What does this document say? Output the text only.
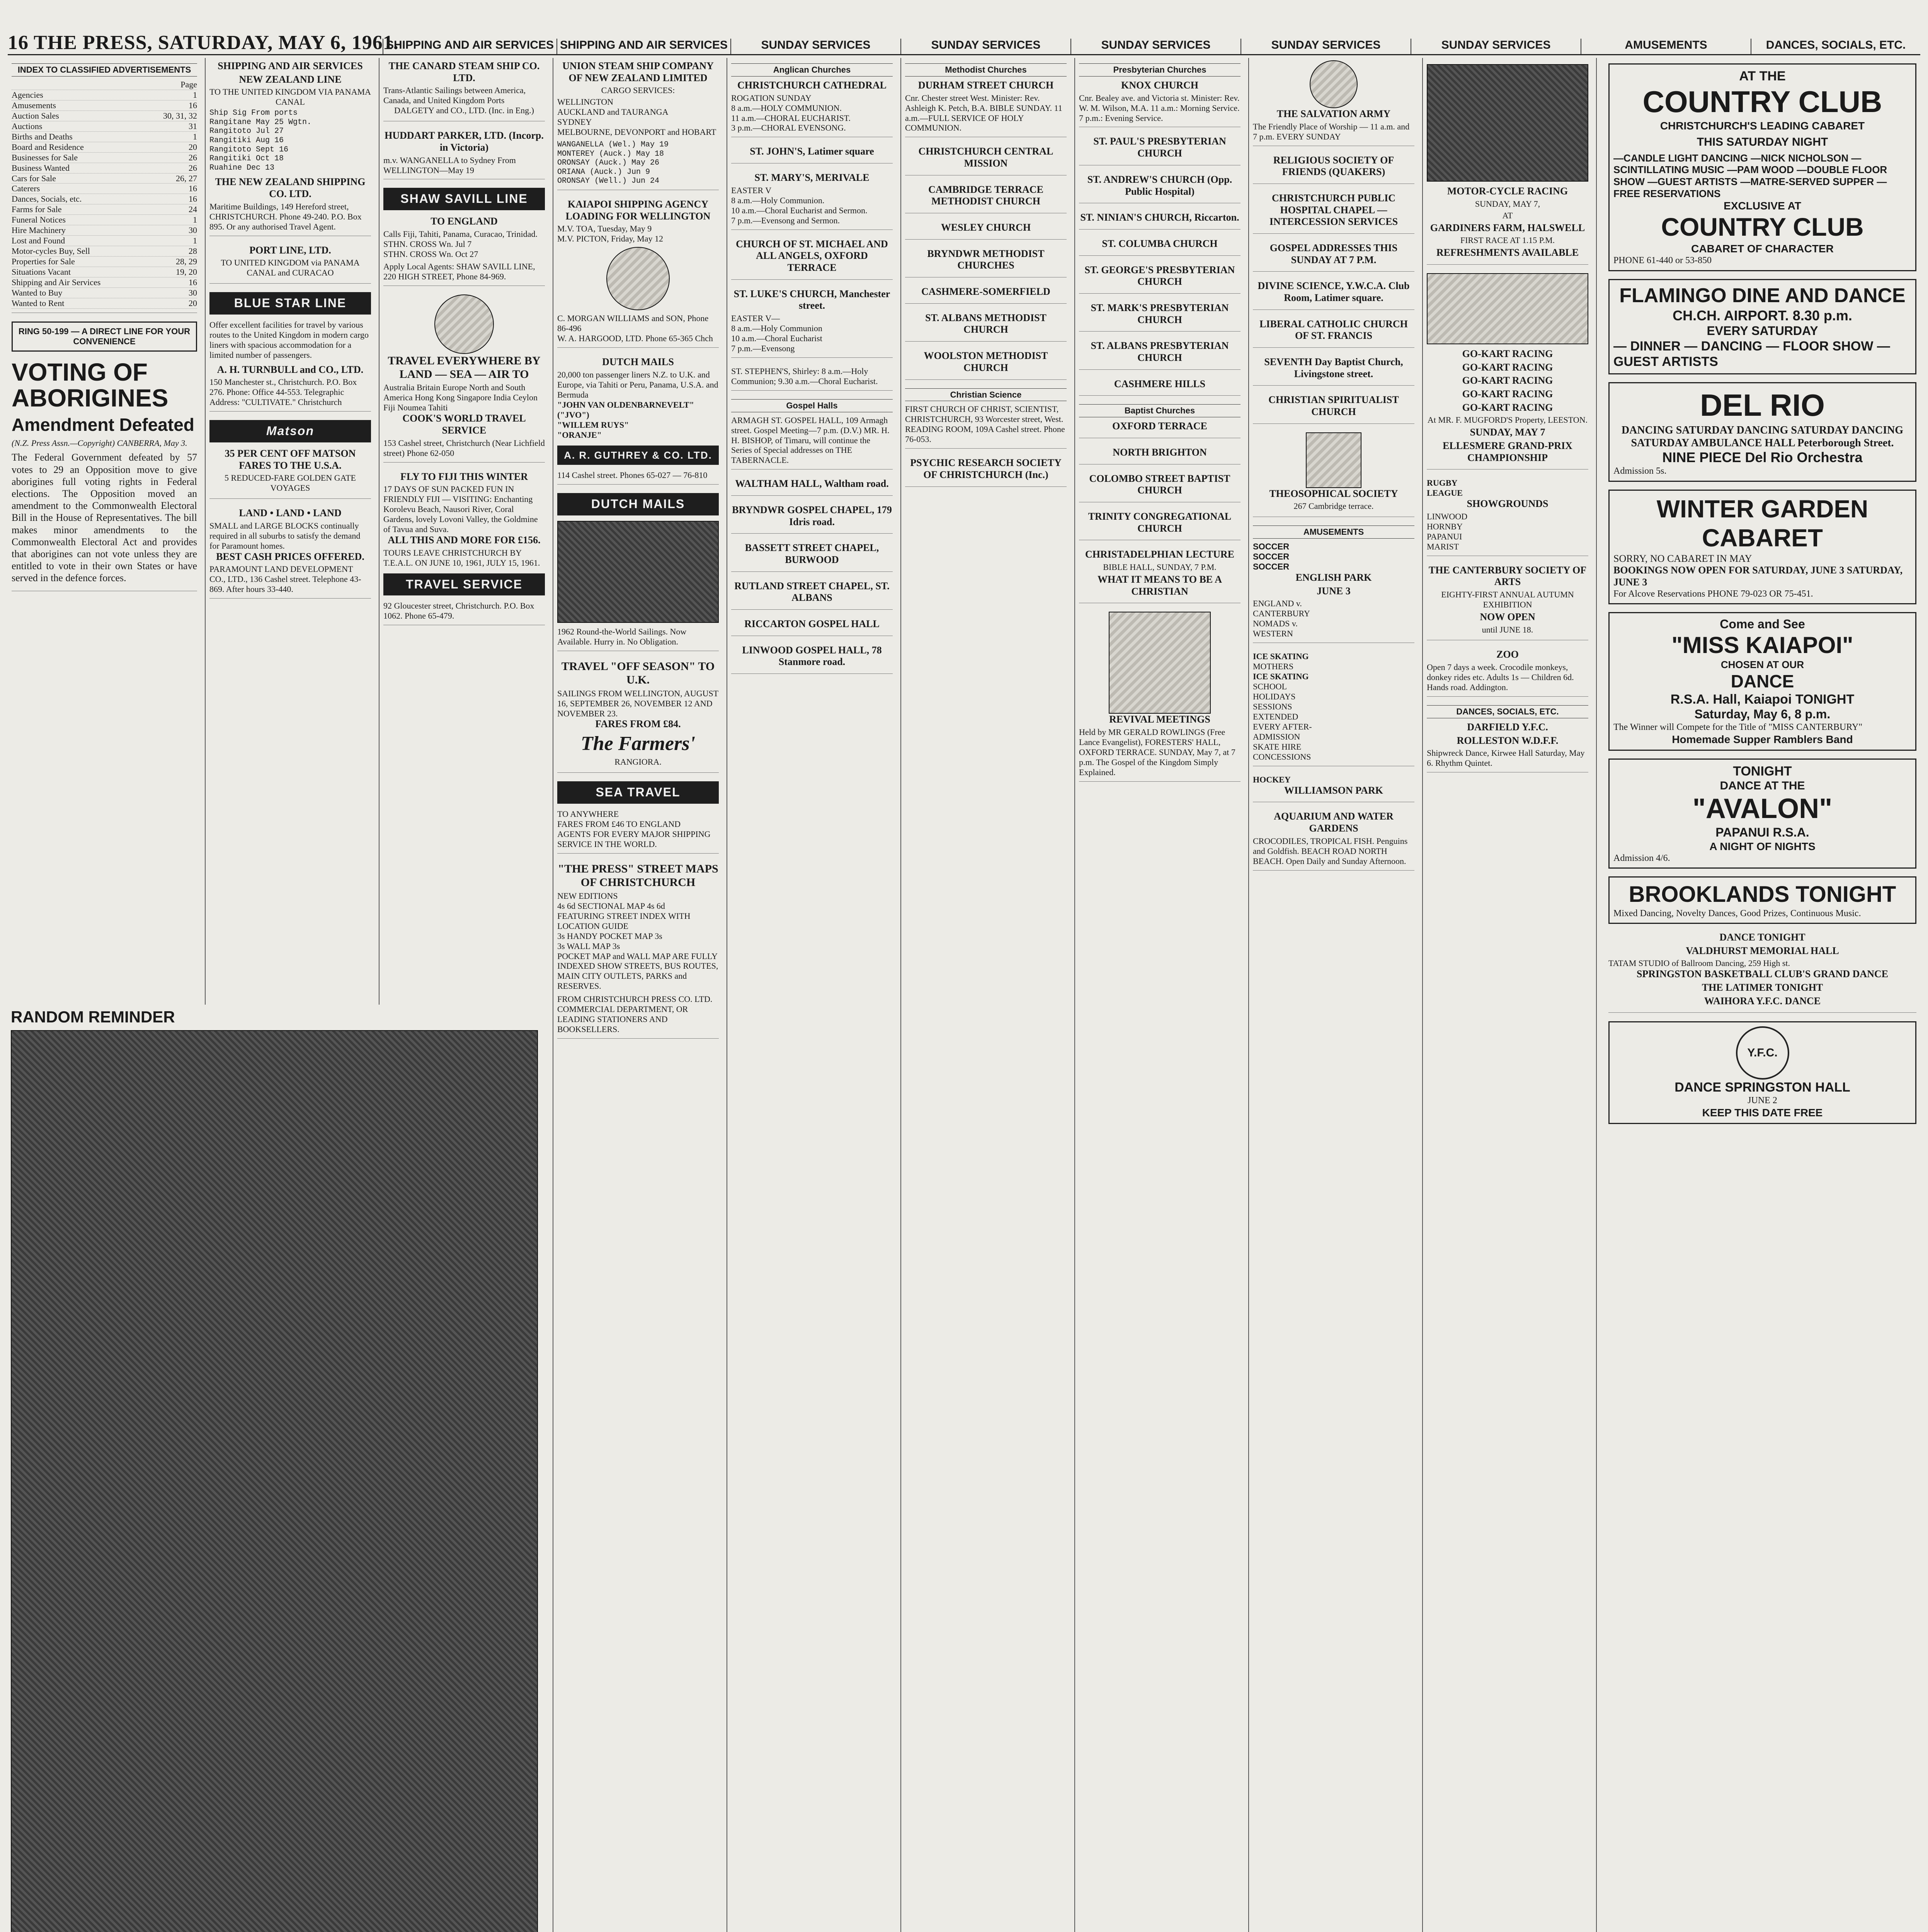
16 THE PRESS, SATURDAY, MAY 6, 1961.
SHIPPING AND AIR SERVICES SHIPPING AND AIR SERVICES	SUNDAY SERVICES	SUNDAY SERVICES	SUNDAY SERVICES	SUNDAY SERVICES	SUNDAY SERVICES	AMUSEMENTS	DANCES, SOCIALS, ETC.
INDEX TO CLASSIFIED ADVERTISEMENTS
Page
Agencies	1
Amusements	16
Auction Sales	30, 31, 32
Auctions	31
Births and Deaths	1
Board and Residence	20
Businesses for Sale	26
Business Wanted	26
Cars for Sale	26, 27
Caterers	16
Dances, Socials, etc.	16
Farms for Sale	24
Funeral Notices	1
Hire Machinery	30
Lost and Found	1
Motor-cycles Buy, Sell	28
Properties for Sale	28, 29
Situations Vacant	19, 20
Shipping and Air Services	16
Wanted to Buy	30
Wanted to Rent	20
RING 50-199 — A DIRECT LINE FOR YOUR CONVENIENCE
VOTING OF ABORIGINES
Amendment Defeated

(N.Z. Press Assn.—Copyright) CANBERRA, May 3.

The Federal Government defeated by 57 votes to 29 an Opposition move to give aborigines full voting rights in Federal elections. The Opposition moved an amendment to the Commonwealth Electoral Bill in the House of Representatives. The bill makes minor amendments to the Commonwealth Electoral Act and provides that aborigines can not vote unless they are entitled to vote in their own States or have served in the defence forces.

RANDOM REMINDER

SHIPPING AND AIR SERVICES
NEW ZEALAND LINE
TO THE UNITED KINGDOM VIA PANAMA CANAL
Ship Sig From ports
Rangitane May 25 Wgtn.
Rangitoto Jul 27
Rangitiki Aug 16
Rangitoto Sept 16
Rangitiki Oct 18
Ruahine Dec 13
THE NEW ZEALAND SHIPPING CO. LTD.
Maritime Buildings, 149 Hereford street, CHRISTCHURCH. Phone 49-240. P.O. Box 895. Or any authorised Travel Agent.
PORT LINE, LTD.
TO UNITED KINGDOM via PANAMA CANAL and CURACAO
BLUE STAR LINE
Offer excellent facilities for travel by various routes to the United Kingdom in modern cargo liners with spacious accommodation for a limited number of passengers.
A. H. TURNBULL and CO., LTD.
150 Manchester st., Christchurch. P.O. Box 276. Phone: Office 44-553. Telegraphic Address: "CULTIVATE." Christchurch
Matson
35 PER CENT OFF MATSON FARES TO THE U.S.A.
5 REDUCED-FARE GOLDEN GATE VOYAGES
LAND • LAND • LAND
SMALL and LARGE BLOCKS continually required in all suburbs to satisfy the demand for Paramount homes.
BEST CASH PRICES OFFERED.
PARAMOUNT LAND DEVELOPMENT CO., LTD., 136 Cashel street. Telephone 43-869. After hours 33-440.
THE CANARD STEAM SHIP CO. LTD.
Trans-Atlantic Sailings between America, Canada, and United Kingdom Ports
DALGETY and CO., LTD. (Inc. in Eng.)
HUDDART PARKER, LTD. (Incorp. in Victoria)
m.v. WANGANELLA to Sydney From WELLINGTON—May 19
SHAW SAVILL LINE
TO ENGLAND
Calls Fiji, Tahiti, Panama, Curacao, Trinidad.
STHN. CROSS Wn. Jul 7
STHN. CROSS Wn. Oct 27
Apply Local Agents: SHAW SAVILL LINE, 220 HIGH STREET, Phone 84-969.
TRAVEL EVERYWHERE BY LAND — SEA — AIR TO
Australia Britain Europe North and South America Hong Kong Singapore India Ceylon Fiji Noumea Tahiti
COOK'S WORLD TRAVEL SERVICE
153 Cashel street, Christchurch (Near Lichfield street) Phone 62-050
FLY TO FIJI THIS WINTER
17 DAYS OF SUN PACKED FUN IN FRIENDLY FIJI — VISITING: Enchanting Korolevu Beach, Nausori River, Coral Gardens, lovely Lovoni Valley, the Goldmine of Tavua and Suva.
ALL THIS AND MORE FOR £156.
TOURS LEAVE CHRISTCHURCH BY T.E.A.L. ON JUNE 10, 1961, JULY 15, 1961.
TRAVEL SERVICE
92 Gloucester street, Christchurch. P.O. Box 1062. Phone 65-479.
UNION STEAM SHIP COMPANY OF NEW ZEALAND LIMITED
CARGO SERVICES:
WELLINGTON
AUCKLAND and TAURANGA
SYDNEY
MELBOURNE, DEVONPORT and HOBART
WANGANELLA (Wel.) May 19
MONTEREY (Auck.) May 18
ORONSAY (Auck.) May 26
ORIANA (Auck.) Jun 9
ORONSAY (Well.) Jun 24
KAIAPOI SHIPPING AGENCY LOADING FOR WELLINGTON
M.V. TOA, Tuesday, May 9
M.V. PICTON, Friday, May 12
C. MORGAN WILLIAMS and SON, Phone 86-496
W. A. HARGOOD, LTD. Phone 65-365 Chch
DUTCH MAILS
20,000 ton passenger liners N.Z. to U.K. and Europe, via Tahiti or Peru, Panama, U.S.A. and Bermuda
"JOHN VAN OLDENBARNEVELT" ("JVO")
"WILLEM RUYS"
"ORANJE"
A. R. GUTHREY & CO. LTD.
114 Cashel street. Phones 65-027 — 76-810
DUTCH MAILS
1962 Round-the-World Sailings. Now Available. Hurry in. No Obligation.
TRAVEL "OFF SEASON" TO U.K.
SAILINGS FROM WELLINGTON, AUGUST 16, SEPTEMBER 26, NOVEMBER 12 AND NOVEMBER 23.
FARES FROM £84.
The Farmers'
RANGIORA.
SEA TRAVEL
TO ANYWHERE
FARES FROM £46 TO ENGLAND
AGENTS FOR EVERY MAJOR SHIPPING SERVICE IN THE WORLD.
"THE PRESS" STREET MAPS OF CHRISTCHURCH
NEW EDITIONS
4s 6d SECTIONAL MAP 4s 6d
FEATURING STREET INDEX WITH LOCATION GUIDE
3s HANDY POCKET MAP 3s
3s WALL MAP 3s
POCKET MAP and WALL MAP ARE FULLY INDEXED SHOW STREETS, BUS ROUTES, MAIN CITY OUTLETS, PARKS and RESERVES.
FROM CHRISTCHURCH PRESS CO. LTD. COMMERCIAL DEPARTMENT, OR LEADING STATIONERS AND BOOKSELLERS.
Anglican Churches
CHRISTCHURCH CATHEDRAL
ROGATION SUNDAY
8 a.m.—HOLY COMMUNION.
11 a.m.—CHORAL EUCHARIST.
3 p.m.—CHORAL EVENSONG.
ST. JOHN'S, Latimer square
ST. MARY'S, MERIVALE
EASTER V
8 a.m.—Holy Communion.
10 a.m.—Choral Eucharist and Sermon.
7 p.m.—Evensong and Sermon.
CHURCH OF ST. MICHAEL AND ALL ANGELS, OXFORD TERRACE
ST. LUKE'S CHURCH, Manchester street.
EASTER V—
8 a.m.—Holy Communion
10 a.m.—Choral Eucharist
7 p.m.—Evensong
ST. STEPHEN'S, Shirley: 8 a.m.—Holy Communion; 9.30 a.m.—Choral Eucharist.
Gospel Halls
ARMAGH ST. GOSPEL HALL, 109 Armagh street. Gospel Meeting—7 p.m. (D.V.) MR. H. H. BISHOP, of Timaru, will continue the Series of Special addresses on THE TABERNACLE.
WALTHAM HALL, Waltham road.
BRYNDWR GOSPEL CHAPEL, 179 Idris road.
BASSETT STREET CHAPEL, BURWOOD
RUTLAND STREET CHAPEL, ST. ALBANS
RICCARTON GOSPEL HALL
LINWOOD GOSPEL HALL, 78 Stanmore road.
Methodist Churches
DURHAM STREET CHURCH
Cnr. Chester street West. Minister: Rev. Ashleigh K. Petch, B.A. BIBLE SUNDAY. 11 a.m.—FULL SERVICE OF HOLY COMMUNION.
CHRISTCHURCH CENTRAL MISSION
CAMBRIDGE TERRACE METHODIST CHURCH
WESLEY CHURCH
BRYNDWR METHODIST CHURCHES
CASHMERE-SOMERFIELD
ST. ALBANS METHODIST CHURCH
WOOLSTON METHODIST CHURCH
Christian Science
FIRST CHURCH OF CHRIST, SCIENTIST, CHRISTCHURCH, 93 Worcester street, West.
READING ROOM, 109A Cashel street. Phone 76-053.
PSYCHIC RESEARCH SOCIETY OF CHRISTCHURCH (Inc.)
Presbyterian Churches
KNOX CHURCH
Cnr. Bealey ave. and Victoria st. Minister: Rev. W. M. Wilson, M.A. 11 a.m.: Morning Service. 7 p.m.: Evening Service.
ST. PAUL'S PRESBYTERIAN CHURCH
ST. ANDREW'S CHURCH (Opp. Public Hospital)
ST. NINIAN'S CHURCH, Riccarton.
ST. COLUMBA CHURCH
ST. GEORGE'S PRESBYTERIAN CHURCH
ST. MARK'S PRESBYTERIAN CHURCH
ST. ALBANS PRESBYTERIAN CHURCH
CASHMERE HILLS
Baptist Churches
OXFORD TERRACE
NORTH BRIGHTON
COLOMBO STREET BAPTIST CHURCH
TRINITY CONGREGATIONAL CHURCH
CHRISTADELPHIAN LECTURE
BIBLE HALL, SUNDAY, 7 P.M.
WHAT IT MEANS TO BE A CHRISTIAN
REVIVAL MEETINGS
Held by MR GERALD ROWLINGS (Free Lance Evangelist), FORESTERS' HALL, OXFORD TERRACE. SUNDAY, May 7, at 7 p.m. The Gospel of the Kingdom Simply Explained.
THE SALVATION ARMY
The Friendly Place of Worship — 11 a.m. and 7 p.m. EVERY SUNDAY
RELIGIOUS SOCIETY OF FRIENDS (QUAKERS)
CHRISTCHURCH PUBLIC HOSPITAL CHAPEL — INTERCESSION SERVICES
GOSPEL ADDRESSES THIS SUNDAY AT 7 P.M.
DIVINE SCIENCE, Y.W.C.A. Club Room, Latimer square.
LIBERAL CATHOLIC CHURCH OF ST. FRANCIS
SEVENTH Day Baptist Church, Livingstone street.
CHRISTIAN SPIRITUALIST CHURCH
THEOSOPHICAL SOCIETY
267 Cambridge terrace.
AMUSEMENTS
SOCCER
SOCCER
SOCCER
ENGLISH PARK
JUNE 3
ENGLAND v.
CANTERBURY
NOMADS v.
WESTERN
ICE SKATING
MOTHERS
ICE SKATING
SCHOOL
HOLIDAYS
SESSIONS
EXTENDED
EVERY AFTER-
ADMISSION
SKATE HIRE
CONCESSIONS
HOCKEY
WILLIAMSON PARK
AQUARIUM AND WATER GARDENS
CROCODILES, TROPICAL FISH. Penguins and Goldfish. BEACH ROAD NORTH BEACH. Open Daily and Sunday Afternoon.
MOTOR-CYCLE RACING
SUNDAY, MAY 7,
AT
GARDINERS FARM, HALSWELL
FIRST RACE AT 1.15 P.M.
REFRESHMENTS AVAILABLE
GO-KART RACING
GO-KART RACING
GO-KART RACING
GO-KART RACING
GO-KART RACING
At MR. F. MUGFORD'S Property, LEESTON.
SUNDAY, MAY 7
ELLESMERE GRAND-PRIX CHAMPIONSHIP
RUGBY
LEAGUE
SHOWGROUNDS
LINWOOD
HORNBY
PAPANUI
MARIST
THE CANTERBURY SOCIETY OF ARTS
EIGHTY-FIRST ANNUAL AUTUMN EXHIBITION
NOW OPEN
until JUNE 18.
ZOO
Open 7 days a week. Crocodile monkeys, donkey rides etc. Adults 1s — Children 6d. Hands road. Addington.
DANCES, SOCIALS, ETC.
DARFIELD Y.F.C.
ROLLESTON W.D.F.F.
Shipwreck Dance, Kirwee Hall Saturday, May 6. Rhythm Quintet.
AT THE
COUNTRY CLUB
CHRISTCHURCH'S LEADING CABARET
THIS SATURDAY NIGHT
—CANDLE LIGHT DANCING —NICK NICHOLSON —SCINTILLATING MUSIC —PAM WOOD —DOUBLE FLOOR SHOW —GUEST ARTISTS —MATRE-SERVED SUPPER —FREE RESERVATIONS
EXCLUSIVE AT
COUNTRY CLUB
CABARET OF CHARACTER
PHONE 61-440 or 53-850
FLAMINGO DINE AND DANCE
CH.CH. AIRPORT. 8.30 p.m.
EVERY SATURDAY
— DINNER — DANCING — FLOOR SHOW — GUEST ARTISTS
DEL RIO
DANCING SATURDAY DANCING SATURDAY DANCING SATURDAY AMBULANCE HALL Peterborough Street.
NINE PIECE Del Rio Orchestra
Admission 5s.
WINTER GARDEN CABARET
SORRY, NO CABARET IN MAY
BOOKINGS NOW OPEN FOR SATURDAY, JUNE 3 SATURDAY, JUNE 3
For Alcove Reservations PHONE 79-023 OR 75-451.
Come and See
"MISS KAIAPOI"
CHOSEN AT OUR
DANCE
R.S.A. Hall, Kaiapoi TONIGHT
Saturday, May 6, 8 p.m.
The Winner will Compete for the Title of "MISS CANTERBURY"
Homemade Supper Ramblers Band
TONIGHT
DANCE AT THE
"AVALON"
PAPANUI R.S.A.
A NIGHT OF NIGHTS
Admission 4/6.
BROOKLANDS TONIGHT
Mixed Dancing, Novelty Dances, Good Prizes, Continuous Music.
DANCE TONIGHT
VALDHURST MEMORIAL HALL
TATAM STUDIO of Ballroom Dancing, 259 High st.
SPRINGSTON BASKETBALL CLUB'S GRAND DANCE
THE LATIMER TONIGHT
WAIHORA Y.F.C. DANCE
Y.F.C.
DANCE SPRINGSTON HALL
JUNE 2
KEEP THIS DATE FREE
